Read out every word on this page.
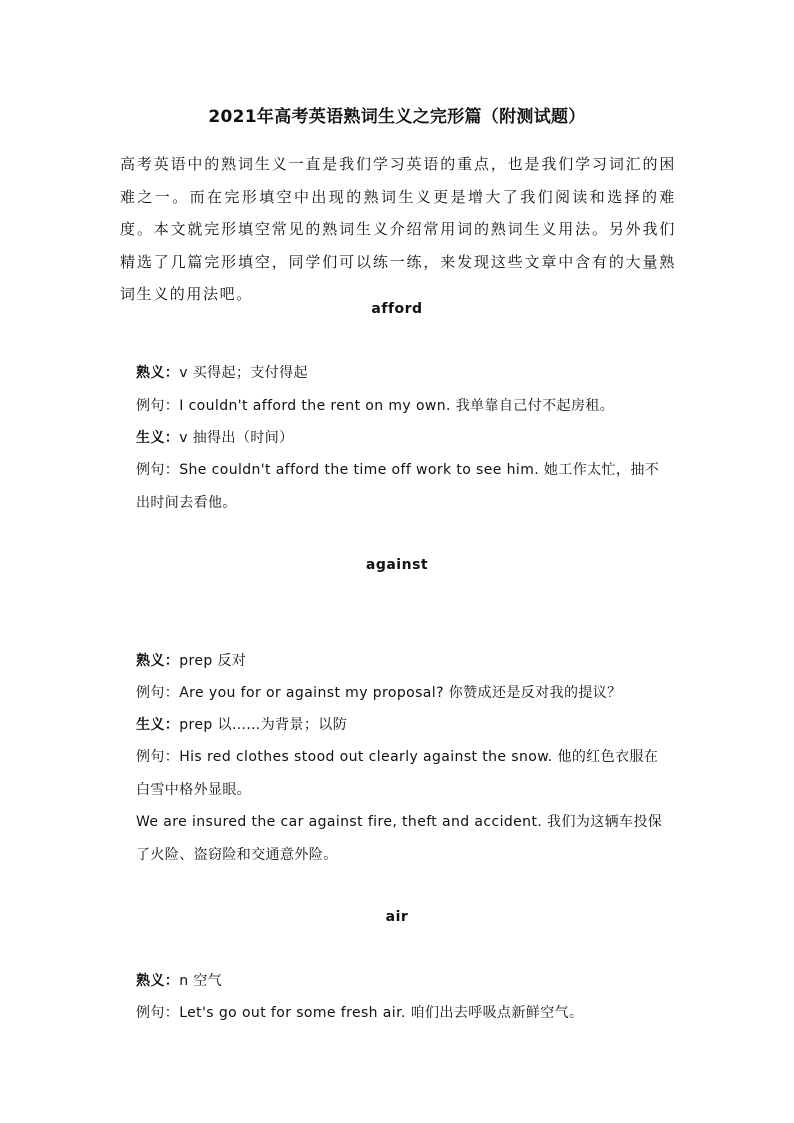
2021年高考英语熟词生义之完形篇（附测试题）
高考英语中的熟词生义一直是我们学习英语的重点，也是我们学习词汇的困难之一。而在完形填空中出现的熟词生义更是增大了我们阅读和选择的难度。本文就完形填空常见的熟词生义介绍常用词的熟词生义用法。另外我们精选了几篇完形填空，同学们可以练一练，来发现这些文章中含有的大量熟词生义的用法吧。
afford
熟义：v 买得起；支付得起
例句：I couldn't afford the rent on my own. 我单靠自己付不起房租。
生义：v 抽得出（时间）
例句：She couldn't afford the time off work to see him. 她工作太忙，抽不出时间去看他。
against
熟义：prep 反对
例句：Are you for or against my proposal? 你赞成还是反对我的提议？
生义：prep 以……为背景；以防
例句：His red clothes stood out clearly against the snow. 他的红色衣服在白雪中格外显眼。
We are insured the car against fire, theft and accident. 我们为这辆车投保了火险、盗窃险和交通意外险。
air
熟义：n 空气
例句：Let's go out for some fresh air. 咱们出去呼吸点新鲜空气。
